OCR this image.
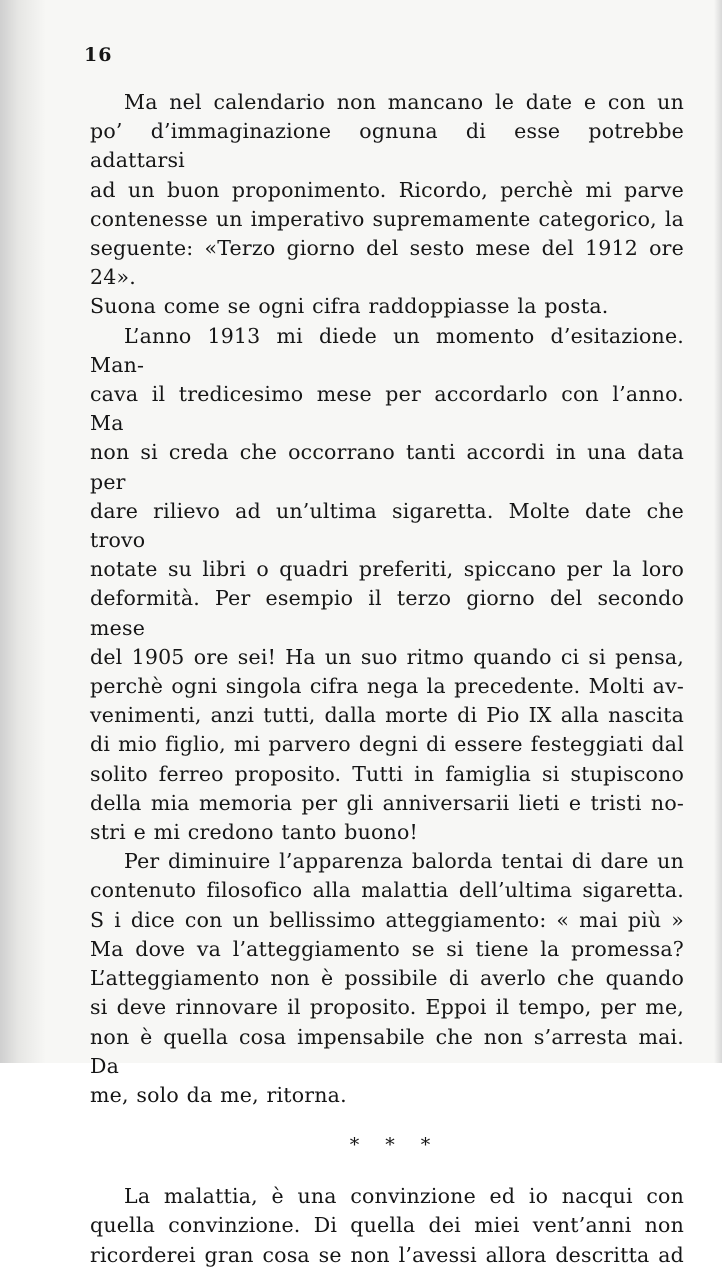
16

Ma nel calendario non mancano le date e con un

po’ d’immaginazione ognuna di esse potrebbe adattarsi

ad un buon proponimento. Ricordo, perchè mi parve

contenesse un imperativo supremamente categorico, la

seguente: «Terzo giorno del sesto mese del 1912 ore 24».

Suona come se ogni cifra raddoppiasse la posta.

L’anno 1913 mi diede un momento d’esitazione. Man-

cava il tredicesimo mese per accordarlo con l’anno. Ma

non si creda che occorrano tanti accordi in una data per

dare rilievo ad un’ultima sigaretta. Molte date che trovo

notate su libri o quadri preferiti, spiccano per la loro

deformità. Per esempio il terzo giorno del secondo mese

del 1905 ore sei! Ha un suo ritmo quando ci si pensa,

perchè ogni singola cifra nega la precedente. Molti av-

venimenti, anzi tutti, dalla morte di Pio IX alla nascita

di mio figlio, mi parvero degni di essere festeggiati dal

solito ferreo proposito. Tutti in famiglia si stupiscono

della mia memoria per gli anniversarii lieti e tristi no-

stri e mi credono tanto buono!

Per diminuire l’apparenza balorda tentai di dare un

contenuto filosofico alla malattia dell’ultima sigaretta.

S i dice con un bellissimo atteggiamento: « mai più »

Ma dove va l’atteggiamento se si tiene la promessa?

L’atteggiamento non è possibile di averlo che quando

si deve rinnovare il proposito. Eppoi il tempo, per me,

non è quella cosa impensabile che non s’arresta mai. Da

me, solo da me, ritorna.

* * *

La malattia, è una convinzione ed io nacqui con

quella convinzione. Di quella dei miei vent’anni non

ricorderei gran cosa se non l’avessi allora descritta ad
